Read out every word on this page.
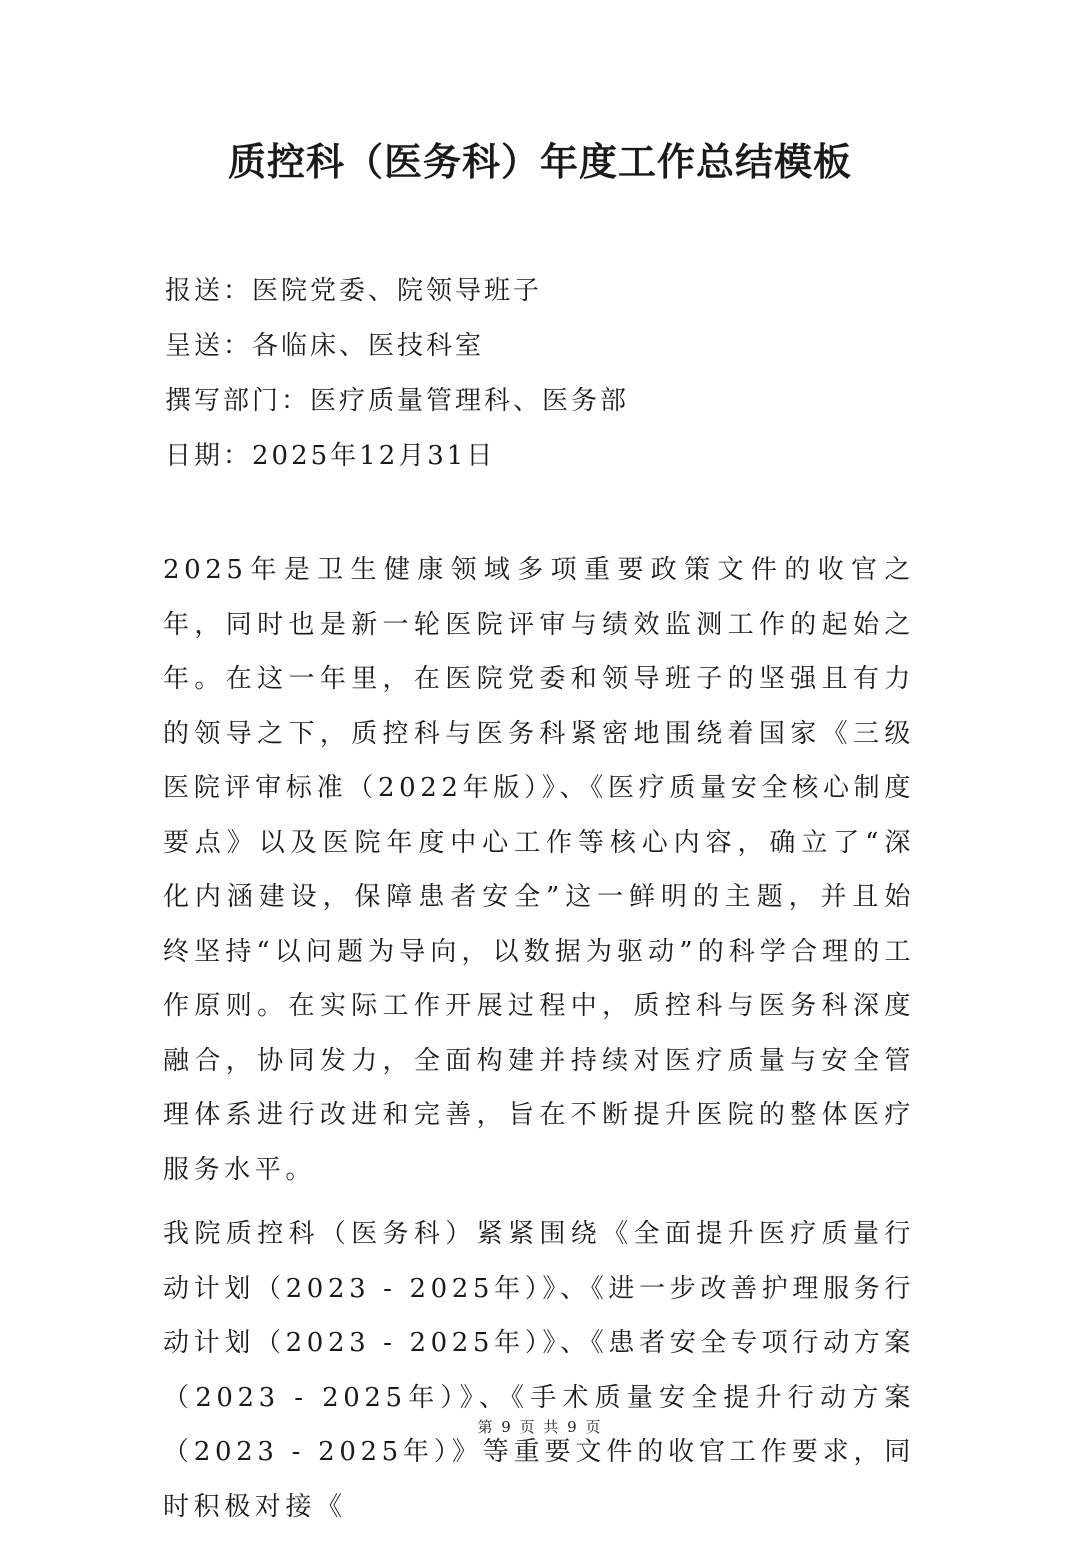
质控科（医务科）年度工作总结模板
报送：医院党委、院领导班子
呈送：各临床、医技科室
撰写部门：医疗质量管理科、医务部
日期：2025年12月31日

2025年是卫生健康领域多项重要政策文件的收官之年，同时也是新一轮医院评审与绩效监测工作的起始之年。在这一年里，在医院党委和领导班子的坚强且有力的领导之下，质控科与医务科紧密地围绕着国家《三级医院评审标准（2022年版）》、《医疗质量安全核心制度要点》以及医院年度中心工作等核心内容，确立了“深化内涵建设，保障患者安全”这一鲜明的主题，并且始终坚持“以问题为导向，以数据为驱动”的科学合理的工作原则。在实际工作开展过程中，质控科与医务科深度融合，协同发力，全面构建并持续对医疗质量与安全管理体系进行改进和完善，旨在不断提升医院的整体医疗服务水平。

我院质控科（医务科）紧紧围绕《全面提升医疗质量行动计划（2023 - 2025年）》、《进一步改善护理服务行动计划（2023 - 2025年）》、《患者安全专项行动方案（2023 - 2025年）》、《手术质量安全提升行动方案（2023 - 2025年）》等重要文件的收官工作要求，同时积极对接《

第 9 页 共 9 页
